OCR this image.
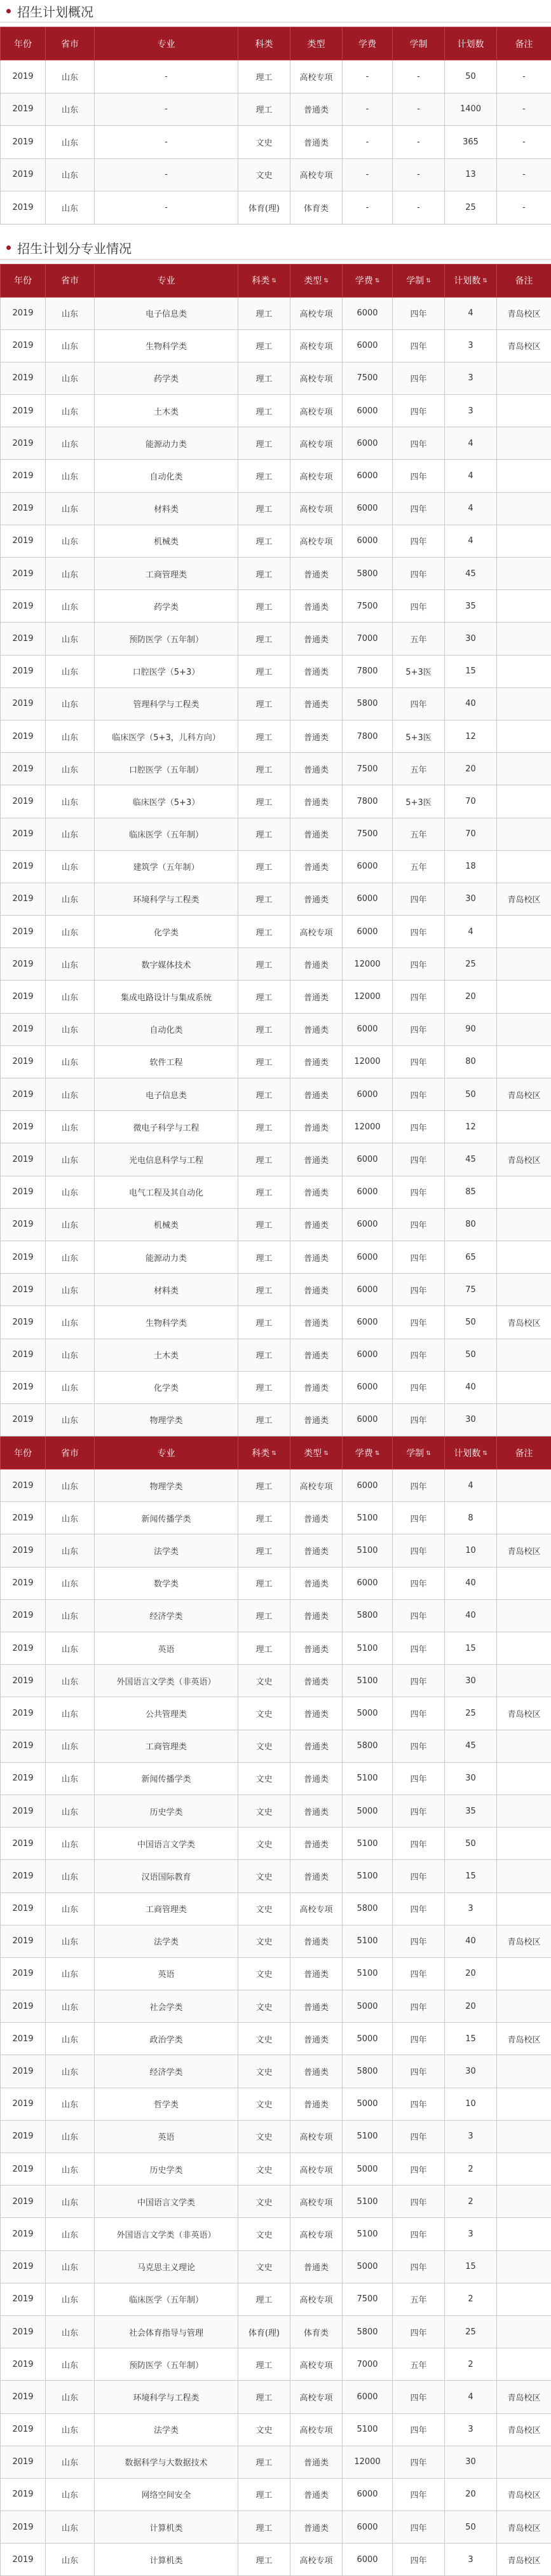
招生计划概况
年份	省市	专业	科类	类型	学费	学制	计划数	备注
2019	山东	-	理工	高校专项	-	-	50	-
2019	山东	-	理工	普通类	-	-	1400	-
2019	山东	-	文史	普通类	-	-	365	-
2019	山东	-	文史	高校专项	-	-	13	-
2019	山东	-	体育(理)	体育类	-	-	25	-
招生计划分专业情况
年份	省市	专业	科类 ⇅	类型 ⇅	学费 ⇅	学制 ⇅	计划数 ⇅	备注
2019	山东	电子信息类	理工	高校专项	6000	四年	4	青岛校区
2019	山东	生物科学类	理工	高校专项	6000	四年	3	青岛校区
2019	山东	药学类	理工	高校专项	7500	四年	3	
2019	山东	土木类	理工	高校专项	6000	四年	3	
2019	山东	能源动力类	理工	高校专项	6000	四年	4	
2019	山东	自动化类	理工	高校专项	6000	四年	4	
2019	山东	材料类	理工	高校专项	6000	四年	4	
2019	山东	机械类	理工	高校专项	6000	四年	4	
2019	山东	工商管理类	理工	普通类	5800	四年	45	
2019	山东	药学类	理工	普通类	7500	四年	35	
2019	山东	预防医学（五年制）	理工	普通类	7000	五年	30	
2019	山东	口腔医学（5+3）	理工	普通类	7800	5+3医	15	
2019	山东	管理科学与工程类	理工	普通类	5800	四年	40	
2019	山东	临床医学（5+3，儿科方向）	理工	普通类	7800	5+3医	12	
2019	山东	口腔医学（五年制）	理工	普通类	7500	五年	20	
2019	山东	临床医学（5+3）	理工	普通类	7800	5+3医	70	
2019	山东	临床医学（五年制）	理工	普通类	7500	五年	70	
2019	山东	建筑学（五年制）	理工	普通类	6000	五年	18	
2019	山东	环境科学与工程类	理工	普通类	6000	四年	30	青岛校区
2019	山东	化学类	理工	高校专项	6000	四年	4	
2019	山东	数字媒体技术	理工	普通类	12000	四年	25	
2019	山东	集成电路设计与集成系统	理工	普通类	12000	四年	20	
2019	山东	自动化类	理工	普通类	6000	四年	90	
2019	山东	软件工程	理工	普通类	12000	四年	80	
2019	山东	电子信息类	理工	普通类	6000	四年	50	青岛校区
2019	山东	微电子科学与工程	理工	普通类	12000	四年	12	
2019	山东	光电信息科学与工程	理工	普通类	6000	四年	45	青岛校区
2019	山东	电气工程及其自动化	理工	普通类	6000	四年	85	
2019	山东	机械类	理工	普通类	6000	四年	80	
2019	山东	能源动力类	理工	普通类	6000	四年	65	
2019	山东	材料类	理工	普通类	6000	四年	75	
2019	山东	生物科学类	理工	普通类	6000	四年	50	青岛校区
2019	山东	土木类	理工	普通类	6000	四年	50	
2019	山东	化学类	理工	普通类	6000	四年	40	
2019	山东	物理学类	理工	普通类	6000	四年	30	
年份	省市	专业	科类 ⇅	类型 ⇅	学费 ⇅	学制 ⇅	计划数 ⇅	备注
2019	山东	物理学类	理工	高校专项	6000	四年	4	
2019	山东	新闻传播学类	理工	普通类	5100	四年	8	
2019	山东	法学类	理工	普通类	5100	四年	10	青岛校区
2019	山东	数学类	理工	普通类	6000	四年	40	
2019	山东	经济学类	理工	普通类	5800	四年	40	
2019	山东	英语	理工	普通类	5100	四年	15	
2019	山东	外国语言文学类（非英语）	文史	普通类	5100	四年	30	
2019	山东	公共管理类	文史	普通类	5000	四年	25	青岛校区
2019	山东	工商管理类	文史	普通类	5800	四年	45	
2019	山东	新闻传播学类	文史	普通类	5100	四年	30	
2019	山东	历史学类	文史	普通类	5000	四年	35	
2019	山东	中国语言文学类	文史	普通类	5100	四年	50	
2019	山东	汉语国际教育	文史	普通类	5100	四年	15	
2019	山东	工商管理类	文史	高校专项	5800	四年	3	
2019	山东	法学类	文史	普通类	5100	四年	40	青岛校区
2019	山东	英语	文史	普通类	5100	四年	20	
2019	山东	社会学类	文史	普通类	5000	四年	20	
2019	山东	政治学类	文史	普通类	5000	四年	15	青岛校区
2019	山东	经济学类	文史	普通类	5800	四年	30	
2019	山东	哲学类	文史	普通类	5000	四年	10	
2019	山东	英语	文史	高校专项	5100	四年	3	
2019	山东	历史学类	文史	高校专项	5000	四年	2	
2019	山东	中国语言文学类	文史	高校专项	5100	四年	2	
2019	山东	外国语言文学类（非英语）	文史	高校专项	5100	四年	3	
2019	山东	马克思主义理论	文史	普通类	5000	四年	15	
2019	山东	临床医学（五年制）	理工	高校专项	7500	五年	2	
2019	山东	社会体育指导与管理	体育(理)	体育类	5800	四年	25	
2019	山东	预防医学（五年制）	理工	高校专项	7000	五年	2	
2019	山东	环境科学与工程类	理工	高校专项	6000	四年	4	青岛校区
2019	山东	法学类	文史	高校专项	5100	四年	3	青岛校区
2019	山东	数据科学与大数据技术	理工	普通类	12000	四年	30	
2019	山东	网络空间安全	理工	普通类	6000	四年	20	青岛校区
2019	山东	计算机类	理工	普通类	6000	四年	50	青岛校区
2019	山东	计算机类	理工	高校专项	6000	四年	3	青岛校区
